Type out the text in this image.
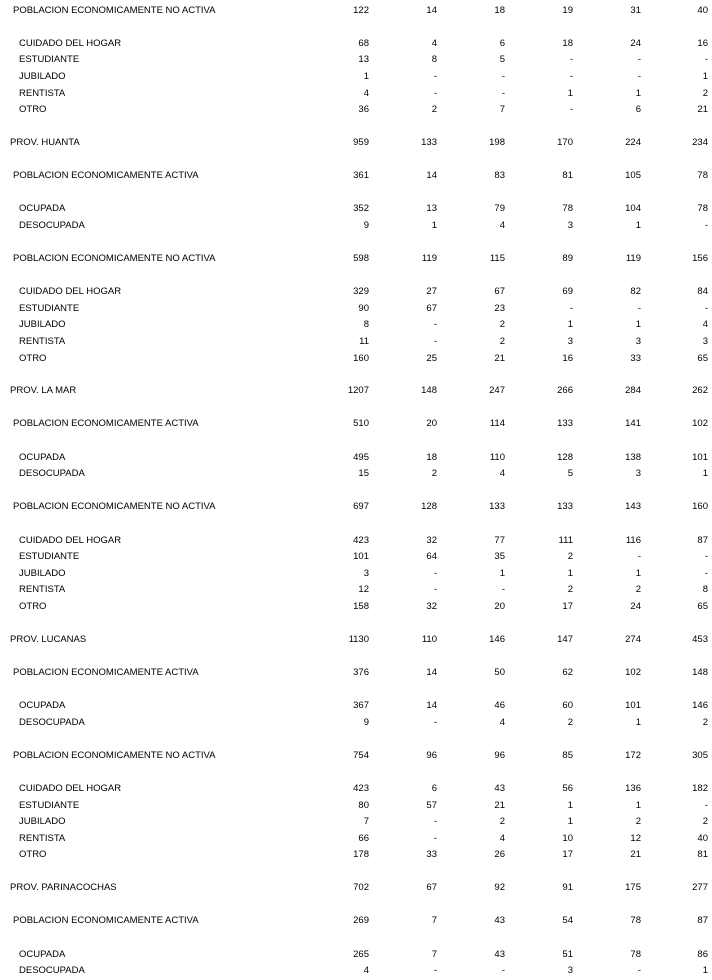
POBLACION ECONOMICAMENTE NO ACTIVA	122	14	18	19	31	40
CUIDADO DEL HOGAR	68	4	6	18	24	16
ESTUDIANTE	13	8	5	-	-	-
JUBILADO	1	-	-	-	-	1
RENTISTA	4	-	-	1	1	2
OTRO	36	2	7	-	6	21
PROV. HUANTA	959	133	198	170	224	234
POBLACION ECONOMICAMENTE ACTIVA	361	14	83	81	105	78
OCUPADA	352	13	79	78	104	78
DESOCUPADA	9	1	4	3	1	-
POBLACION ECONOMICAMENTE NO ACTIVA	598	119	115	89	119	156
CUIDADO DEL HOGAR	329	27	67	69	82	84
ESTUDIANTE	90	67	23	-	-	-
JUBILADO	8	-	2	1	1	4
RENTISTA	11	-	2	3	3	3
OTRO	160	25	21	16	33	65
PROV. LA MAR	1207	148	247	266	284	262
POBLACION ECONOMICAMENTE ACTIVA	510	20	114	133	141	102
OCUPADA	495	18	110	128	138	101
DESOCUPADA	15	2	4	5	3	1
POBLACION ECONOMICAMENTE NO ACTIVA	697	128	133	133	143	160
CUIDADO DEL HOGAR	423	32	77	111	116	87
ESTUDIANTE	101	64	35	2	-	-
JUBILADO	3	-	1	1	1	-
RENTISTA	12	-	-	2	2	8
OTRO	158	32	20	17	24	65
PROV. LUCANAS	1130	110	146	147	274	453
POBLACION ECONOMICAMENTE ACTIVA	376	14	50	62	102	148
OCUPADA	367	14	46	60	101	146
DESOCUPADA	9	-	4	2	1	2
POBLACION ECONOMICAMENTE NO ACTIVA	754	96	96	85	172	305
CUIDADO DEL HOGAR	423	6	43	56	136	182
ESTUDIANTE	80	57	21	1	1	-
JUBILADO	7	-	2	1	2	2
RENTISTA	66	-	4	10	12	40
OTRO	178	33	26	17	21	81
PROV. PARINACOCHAS	702	67	92	91	175	277
POBLACION ECONOMICAMENTE ACTIVA	269	7	43	54	78	87
OCUPADA	265	7	43	51	78	86
DESOCUPADA	4	-	-	3	-	1
